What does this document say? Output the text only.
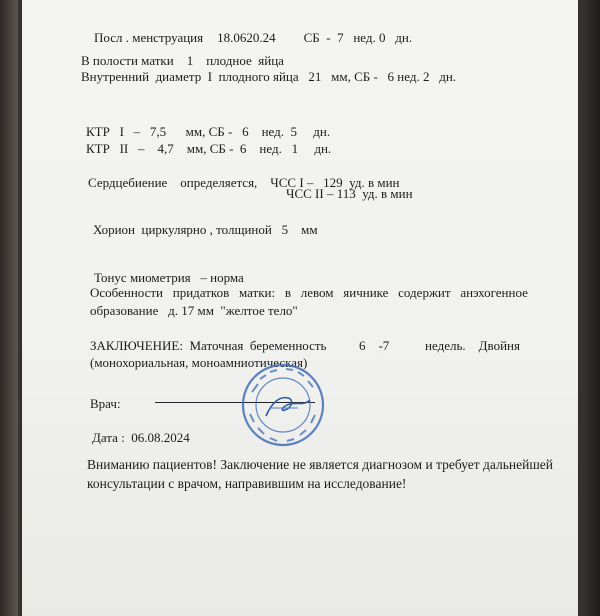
Посл . менструация 18.0620.24 СБ  -  7   нед. 0   дн.

В полости матки    1    плодное  яйца
Внутренний  диаметр  I  плодного яйца   21   мм, СБ -   6 нед. 2   дн.
КТР   I   –   7,5      мм, СБ -   6    нед.  5     дн.
КТР   II   –    4,7    мм, СБ -  6    нед.   1     дн.
Сердцебиение    определяется,    ЧСС I –   129  уд. в мин
ЧСС II – 113  уд. в мин
Хорион  циркулярно , толщиной   5    мм
Тонус миометрия   – норма
Особенности   придатков   матки:   в   левом   яичнике   содержит   анэхогенное
образование   д. 17 мм  "желтое тело"
ЗАКЛЮЧЕНИЕ:  Маточная  беременность          6    -7           недель.    Двойня
(монохориальная, моноамниотическая)
Врач:
Дата :  06.08.2024
Вниманию пациентов! Заключение не является диагнозом и требует дальнейшей
консультации с врачом, направившим на исследование!
